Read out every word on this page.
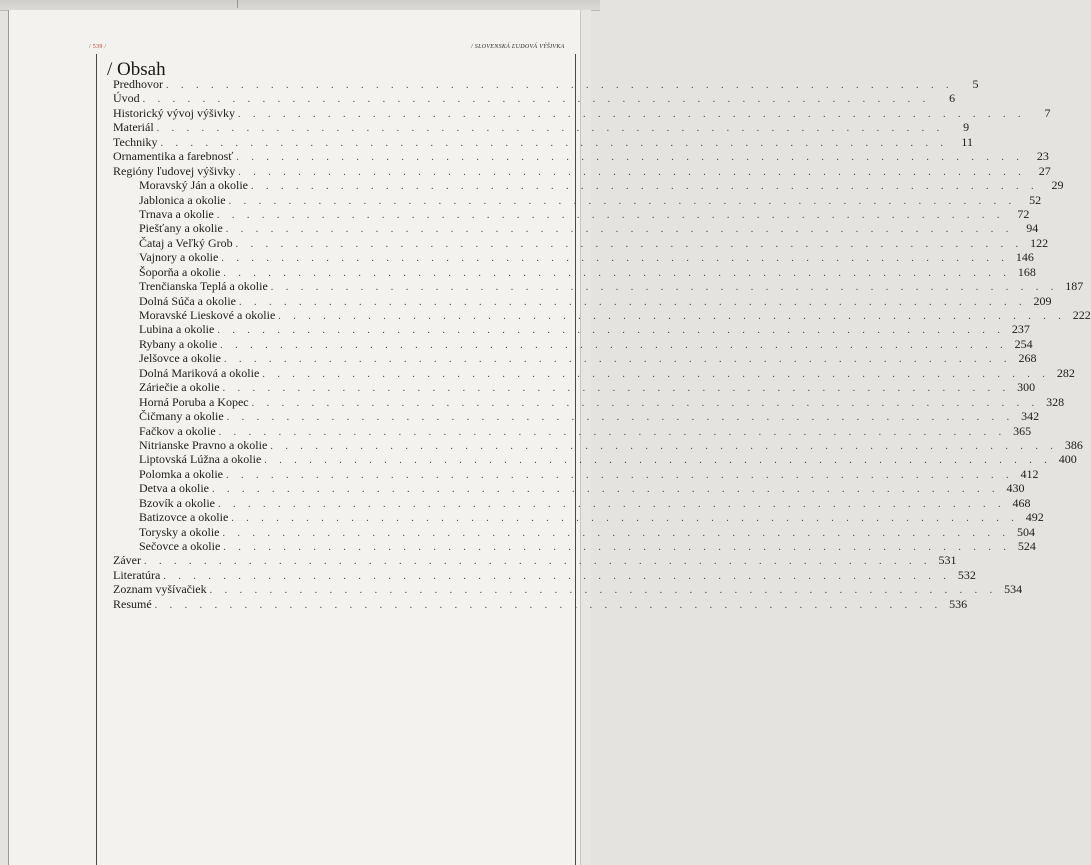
/ 539 /	/ SLOVENSKÁ ĽUDOVÁ VÝŠIVKA
/ Obsah
Predhovor . . . . . . . . . . . . . . . . . . . . . . . . . . . . . . . . . . . . . . . . . . . . . . . . . . . . .	5
Úvod . . . . . . . . . . . . . . . . . . . . . . . . . . . . . . . . . . . . . . . . . . . . . . . . . . . . .	6
Historický vývoj výšivky . . . . . . . . . . . . . . . . . . . . . . . . . . . . . . . . . . . . . . . . . . . . . . . . . . . . .	7
Materiál . . . . . . . . . . . . . . . . . . . . . . . . . . . . . . . . . . . . . . . . . . . . . . . . . . . . .	9
Techniky . . . . . . . . . . . . . . . . . . . . . . . . . . . . . . . . . . . . . . . . . . . . . . . . . . . . .	11
Ornamentika a farebnosť . . . . . . . . . . . . . . . . . . . . . . . . . . . . . . . . . . . . . . . . . . . . . . . . . . . . .	23
Regióny ľudovej výšivky . . . . . . . . . . . . . . . . . . . . . . . . . . . . . . . . . . . . . . . . . . . . . . . . . . . . .	27
Moravský Ján a okolie . . . . . . . . . . . . . . . . . . . . . . . . . . . . . . . . . . . . . . . . . . . . . . . . . . . . .	29
Jablonica a okolie . . . . . . . . . . . . . . . . . . . . . . . . . . . . . . . . . . . . . . . . . . . . . . . . . . . . .	52
Trnava a okolie . . . . . . . . . . . . . . . . . . . . . . . . . . . . . . . . . . . . . . . . . . . . . . . . . . . . .	72
Piešťany a okolie . . . . . . . . . . . . . . . . . . . . . . . . . . . . . . . . . . . . . . . . . . . . . . . . . . . . .	94
Čataj a Veľký Grob . . . . . . . . . . . . . . . . . . . . . . . . . . . . . . . . . . . . . . . . . . . . . . . . . . . . . 122
Vajnory a okolie . . . . . . . . . . . . . . . . . . . . . . . . . . . . . . . . . . . . . . . . . . . . . . . . . . . . . 146
Šoporňa a okolie . . . . . . . . . . . . . . . . . . . . . . . . . . . . . . . . . . . . . . . . . . . . . . . . . . . . . 168
Trenčianska Teplá a okolie . . . . . . . . . . . . . . . . . . . . . . . . . . . . . . . . . . . . . . . . . . . . . . . . . . . . . 187
Dolná Súča a okolie . . . . . . . . . . . . . . . . . . . . . . . . . . . . . . . . . . . . . . . . . . . . . . . . . . . . . 209
Moravské Lieskové a okolie . . . . . . . . . . . . . . . . . . . . . . . . . . . . . . . . . . . . . . . . . . . . . . . . . . . . . 222
Lubina a okolie . . . . . . . . . . . . . . . . . . . . . . . . . . . . . . . . . . . . . . . . . . . . . . . . . . . . . 237
Rybany a okolie . . . . . . . . . . . . . . . . . . . . . . . . . . . . . . . . . . . . . . . . . . . . . . . . . . . . . 254
Jelšovce a okolie . . . . . . . . . . . . . . . . . . . . . . . . . . . . . . . . . . . . . . . . . . . . . . . . . . . . . 268
Dolná Mariková a okolie . . . . . . . . . . . . . . . . . . . . . . . . . . . . . . . . . . . . . . . . . . . . . . . . . . . . . 282
Záriečie a okolie . . . . . . . . . . . . . . . . . . . . . . . . . . . . . . . . . . . . . . . . . . . . . . . . . . . . . 300
Horná Poruba a Kopec . . . . . . . . . . . . . . . . . . . . . . . . . . . . . . . . . . . . . . . . . . . . . . . . . . . . . 328
Čičmany a okolie . . . . . . . . . . . . . . . . . . . . . . . . . . . . . . . . . . . . . . . . . . . . . . . . . . . . . 342
Fačkov a okolie . . . . . . . . . . . . . . . . . . . . . . . . . . . . . . . . . . . . . . . . . . . . . . . . . . . . . 365
Nitrianske Pravno a okolie . . . . . . . . . . . . . . . . . . . . . . . . . . . . . . . . . . . . . . . . . . . . . . . . . . . . . 386
Liptovská Lúžna a okolie . . . . . . . . . . . . . . . . . . . . . . . . . . . . . . . . . . . . . . . . . . . . . . . . . . . . . 400
Polomka a okolie . . . . . . . . . . . . . . . . . . . . . . . . . . . . . . . . . . . . . . . . . . . . . . . . . . . . . 412
Detva a okolie . . . . . . . . . . . . . . . . . . . . . . . . . . . . . . . . . . . . . . . . . . . . . . . . . . . . . 430
Bzovík a okolie . . . . . . . . . . . . . . . . . . . . . . . . . . . . . . . . . . . . . . . . . . . . . . . . . . . . . 468
Batizovce a okolie . . . . . . . . . . . . . . . . . . . . . . . . . . . . . . . . . . . . . . . . . . . . . . . . . . . . . 492
Torysky a okolie . . . . . . . . . . . . . . . . . . . . . . . . . . . . . . . . . . . . . . . . . . . . . . . . . . . . . 504
Sečovce a okolie . . . . . . . . . . . . . . . . . . . . . . . . . . . . . . . . . . . . . . . . . . . . . . . . . . . . . 524
Záver . . . . . . . . . . . . . . . . . . . . . . . . . . . . . . . . . . . . . . . . . . . . . . . . . . . . . 531
Literatúra . . . . . . . . . . . . . . . . . . . . . . . . . . . . . . . . . . . . . . . . . . . . . . . . . . . . . 532
Zoznam vyšívačiek . . . . . . . . . . . . . . . . . . . . . . . . . . . . . . . . . . . . . . . . . . . . . . . . . . . . . 534
Resumé . . . . . . . . . . . . . . . . . . . . . . . . . . . . . . . . . . . . . . . . . . . . . . . . . . . . . 536
